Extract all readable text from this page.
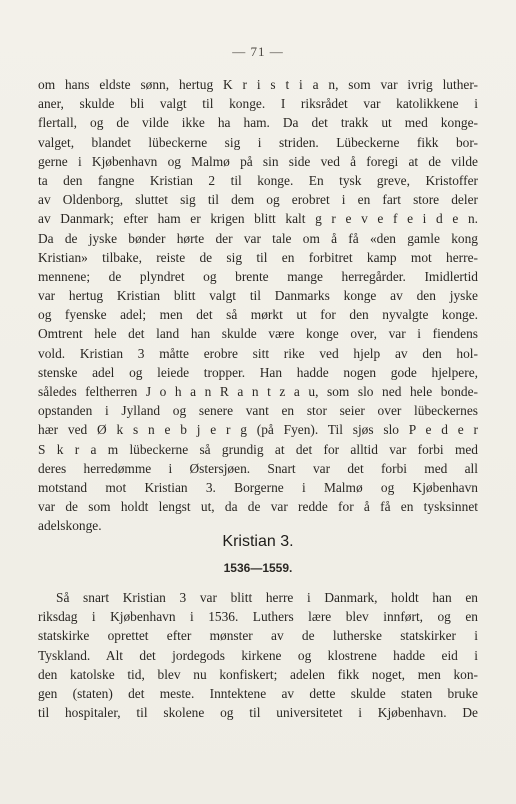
— 71 —
om hans eldste sønn, hertug K r i s t i a n, som var ivrig luther-
aner, skulde bli valgt til konge. I riksrådet var katolikkene i
flertall, og de vilde ikke ha ham. Da det trakk ut med konge-
valget, blandet lübeckerne sig i striden. Lübeckerne fikk bor-
gerne i Kjøbenhavn og Malmø på sin side ved å foregi at de vilde
ta den fangne Kristian 2 til konge. En tysk greve, Kristoffer
av Oldenborg, sluttet sig til dem og erobret i en fart store deler
av Danmark; efter ham er krigen blitt kalt g r e v e f e i d e n.
Da de jyske bønder hørte der var tale om å få «den gamle kong
Kristian» tilbake, reiste de sig til en forbitret kamp mot herre-
mennene; de plyndret og brente mange herregårder. Imidlertid
var hertug Kristian blitt valgt til Danmarks konge av den jyske
og fyenske adel; men det så mørkt ut for den nyvalgte konge.
Omtrent hele det land han skulde være konge over, var i fiendens
vold. Kristian 3 måtte erobre sitt rike ved hjelp av den hol-
stenske adel og leiede tropper. Han hadde nogen gode hjelpere,
således feltherren J o h a n R a n t z a u, som slo ned hele bonde-
opstanden i Jylland og senere vant en stor seier over lübeckernes
hær ved Ø k s n e b j e r g (på Fyen). Til sjøs slo P e d e r
S k r a m lübeckerne så grundig at det for alltid var forbi med
deres herredømme i Østersjøen. Snart var det forbi med all
motstand mot Kristian 3. Borgerne i Malmø og Kjøbenhavn
var de som holdt lengst ut, da de var redde for å få en tysksinnet
adelskonge.
Kristian 3.
1536—1559.
Så snart Kristian 3 var blitt herre i Danmark, holdt han en
riksdag i Kjøbenhavn i 1536. Luthers lære blev innført, og en
statskirke oprettet efter mønster av de lutherske statskirker i
Tyskland. Alt det jordegods kirkene og klostrene hadde eid i
den katolske tid, blev nu konfiskert; adelen fikk noget, men kon-
gen (staten) det meste. Inntektene av dette skulde staten bruke
til hospitaler, til skolene og til universitetet i Kjøbenhavn. De
